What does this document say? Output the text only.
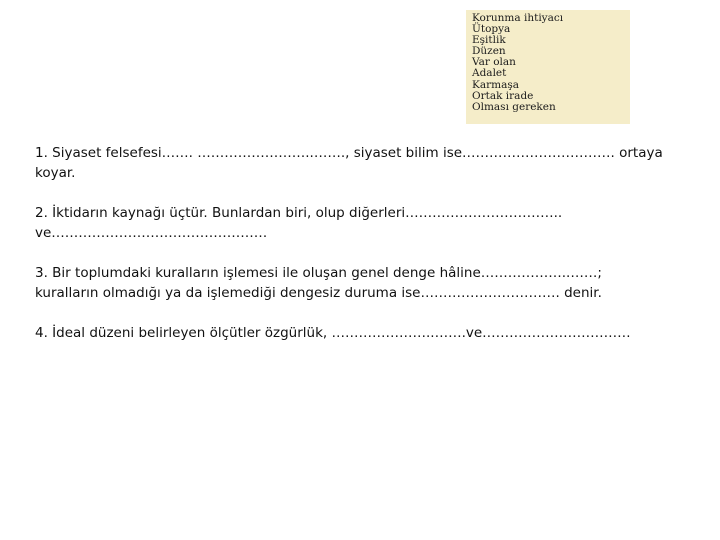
Korunma ihtiyacı
Ütopya
Eşitlik
Düzen
Var olan
Adalet
Karmaşa
Ortak irade
Olması gereken
1. Siyaset felsefesi……. ……………………..……., siyaset bilim ise……………………………. ortaya
koyar.
2. İktidarın kaynağı üçtür. Bunlardan biri, olup diğerleri……………………………..
ve…………………………………………
3. Bir toplumdaki kuralların işlemesi ile oluşan genel denge hâline………………..……;
kuralların olmadığı ya da işlemediği dengesiz duruma ise…………………………. denir.
4. İdeal düzeni belirleyen ölçütler özgürlük, …………………..…….ve……………………………
